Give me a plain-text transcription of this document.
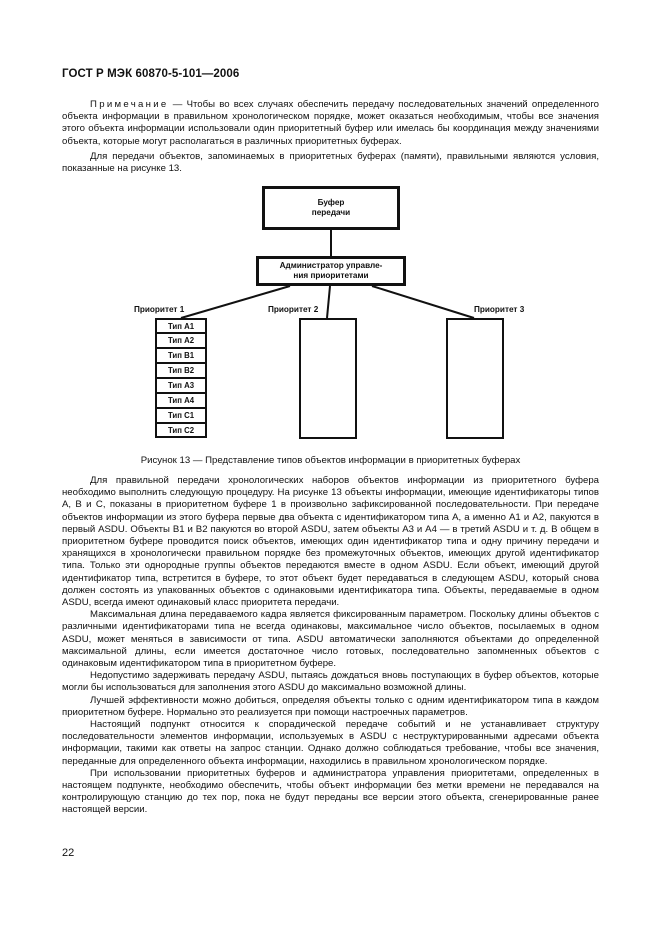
ГОСТ Р МЭК 60870-5-101—2006

Примечание — Чтобы во всех случаях обеспечить передачу последовательных значений определенного объекта информации в правильном хронологическом порядке, может оказаться необходимым, чтобы все значения этого объекта информации использовали один приоритетный буфер или имелась бы координация между значениями объекта, которые могут располагаться в различных приоритетных буферах.

Для передачи объектов, запоминаемых в приоритетных буферах (памяти), правильными являются условия, показанные на рисунке 13.

Буфер
передачи
Администратор управле-
ния приоритетами
Приоритет 1	Приоритет 2	Приоритет 3
Тип A1
Тип A2
Тип B1
Тип B2
Тип A3
Тип A4
Тип C1
Тип C2
Рисунок 13 — Представление типов объектов информации в приоритетных буферах

Для правильной передачи хронологических наборов объектов информации из приоритетного буфера необходимо выполнить следующую процедуру. На рисунке 13 объекты информации, имеющие идентификаторы типов A, B и C, показаны в приоритетном буфере 1 в произвольно зафиксированной последовательности. При передаче объектов информации из этого буфера первые два объекта с идентификатором типа A, а именно A1 и A2, пакуются в первый ASDU. Объекты B1 и B2 пакуются во второй ASDU, затем объекты A3 и A4 — в третий ASDU и т. д. В общем в приоритетном буфере проводится поиск объектов, имеющих один идентификатор типа и одну причину передачи и хранящихся в хронологически правильном порядке без промежуточных объектов, имеющих другой идентификатор типа. Только эти однородные группы объектов передаются вместе в одном ASDU. Если объект, имеющий другой идентификатор типа, встретится в буфере, то этот объект будет передаваться в следующем ASDU, который снова должен состоять из упакованных объектов с одинаковыми идентификатора типа. Объекты, передаваемые в одном ASDU, всегда имеют одинаковый класс приоритета передачи.

Максимальная длина передаваемого кадра является фиксированным параметром. Поскольку длины объектов с различными идентификаторами типа не всегда одинаковы, максимальное число объектов, посылаемых в одном ASDU, может меняться в зависимости от типа. ASDU автоматически заполняются объектами до определенной максимальной длины, если имеется достаточное число готовых, последовательно запомненных объектов с одинаковым идентификатором типа в приоритетном буфере.

Недопустимо задерживать передачу ASDU, пытаясь дождаться вновь поступающих в буфер объектов, которые могли бы использоваться для заполнения этого ASDU до максимально возможной длины.

Лучшей эффективности можно добиться, определяя объекты только с одним идентификатором типа в каждом приоритетном буфере. Нормально это реализуется при помощи настроечных параметров.

Настоящий подпункт относится к спорадической передаче событий и не устанавливает структуру последовательности элементов информации, используемых в ASDU с неструктурированными адресами объекта информации, такими как ответы на запрос станции. Однако должно соблюдаться требование, чтобы все значения, переданные для определенного объекта информации, находились в правильном хронологическом порядке.

При использовании приоритетных буферов и администратора управления приоритетами, определенных в настоящем подпункте, необходимо обеспечить, чтобы объект информации без метки времени не передавался на контролирующую станцию до тех пор, пока не будут переданы все версии этого объекта, сгенерированные ранее настоящей версии.

22
